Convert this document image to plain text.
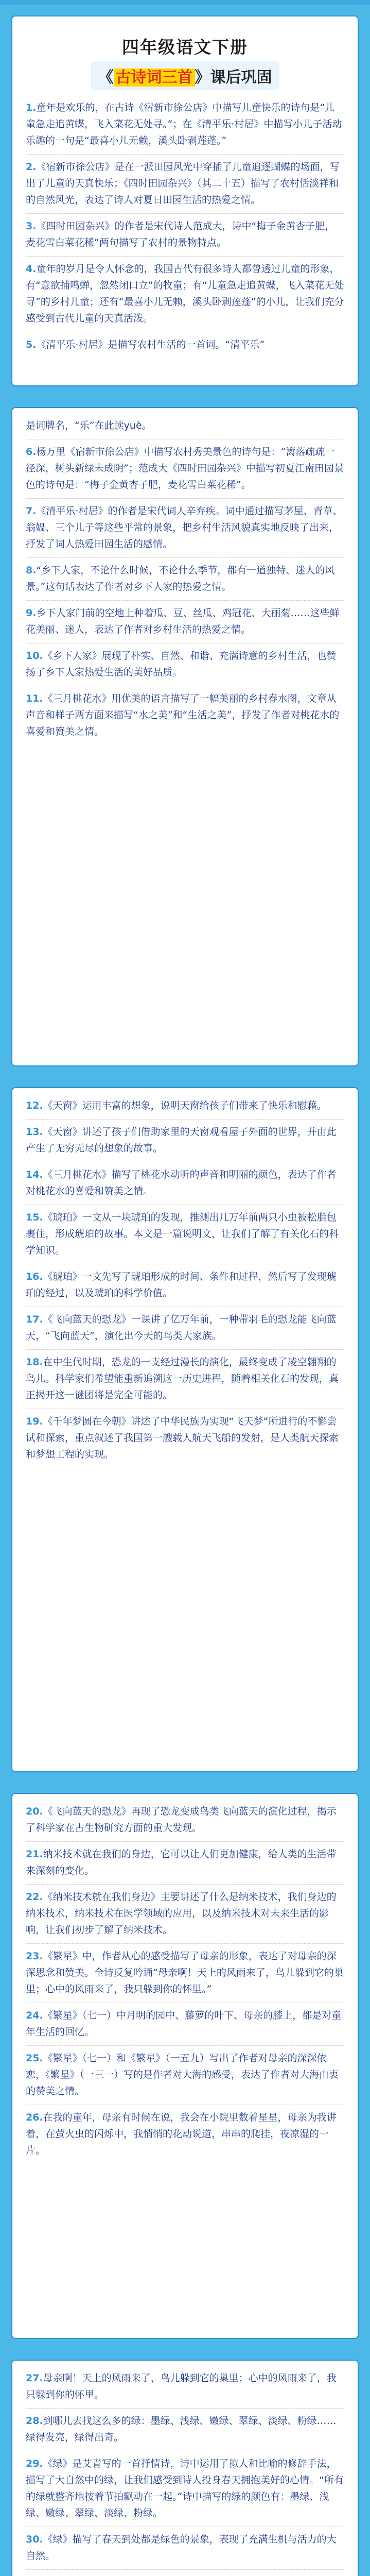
四年级语文下册
《 古诗词三首 》课后巩固
1.童年是欢乐的，在古诗《宿新市徐公店》中描写儿童快乐的诗句是“儿童急走追黄蝶，飞入菜花无处寻。”；在《清平乐·村居》中描写小儿子活动乐趣的一句是“最喜小儿无赖，溪头卧剥莲蓬。”
2.《宿新市徐公店》是在一派田园风光中穿插了儿童追逐蝴蝶的场面，写出了儿童的天真快乐；《四时田园杂兴》（其二十五）描写了农村恬淡祥和的自然风光，表达了诗人对夏日田园生活的热爱之情。
3.《四时田园杂兴》的作者是宋代诗人范成大，诗中“梅子金黄杏子肥，麦花雪白菜花稀”两句描写了农村的景物特点。
4.童年的岁月是令人怀念的，我国古代有很多诗人都曾透过儿童的形象，有“意欲捕鸣蝉，忽然闭口立”的牧童；有“儿童急走追黄蝶，飞入菜花无处寻”的乡村儿童；还有“最喜小儿无赖，溪头卧剥莲蓬”的小儿，让我们充分感受到古代儿童的天真活泼。
5.《清平乐·村居》是描写农村生活的一首词。“清平乐”
是词牌名，“乐”在此读yuè。
6.杨万里《宿新市徐公店》中描写农村秀美景色的诗句是：“篱落疏疏一径深，树头新绿未成阴”；范成大《四时田园杂兴》中描写初夏江南田园景色的诗句是：“梅子金黄杏子肥，麦花雪白菜花稀”。
7.《清平乐·村居》的作者是宋代词人辛弃疾。词中通过描写茅屋、青草、翁媪、三个儿子等这些平常的景象，把乡村生活风貌真实地反映了出来，抒发了词人热爱田园生活的感情。
8.“乡下人家，不论什么时候，不论什么季节，都有一道独特、迷人的风景。”这句话表达了作者对乡下人家的热爱之情。
9.乡下人家门前的空地上种着瓜、豆、丝瓜、鸡冠花、大丽菊……这些鲜花美丽、迷人，表达了作者对乡村生活的热爱之情。
10.《乡下人家》展现了朴实、自然、和谐、充满诗意的乡村生活，也赞扬了乡下人家热爱生活的美好品质。
11.《三月桃花水》用优美的语言描写了一幅美丽的乡村春水图，文章从声音和样子两方面来描写“水之美”和“生活之美”，抒发了作者对桃花水的喜爱和赞美之情。
12.《天窗》运用丰富的想象，说明天窗给孩子们带来了快乐和慰藉。
13.《天窗》讲述了孩子们借助家里的天窗观看屋子外面的世界，并由此产生了无穷无尽的想象的故事。
14.《三月桃花水》描写了桃花水动听的声音和明丽的颜色，表达了作者对桃花水的喜爱和赞美之情。
15.《琥珀》一文从一块琥珀的发现，推测出几万年前两只小虫被松脂包裹住，形成琥珀的故事。本文是一篇说明文，让我们了解了有关化石的科学知识。
16.《琥珀》一文先写了琥珀形成的时间、条件和过程，然后写了发现琥珀的经过，以及琥珀的科学价值。
17.《飞向蓝天的恐龙》一课讲了亿万年前，一种带羽毛的恐龙能飞向蓝天，“飞向蓝天”，演化出今天的鸟类大家族。
18.在中生代时期，恐龙的一支经过漫长的演化，最终变成了凌空翱翔的鸟儿。科学家们希望能重新追溯这一历史进程，随着相关化石的发现，真正揭开这一谜团将是完全可能的。
19.《千年梦圆在今朝》讲述了中华民族为实现“飞天梦”所进行的不懈尝试和探索，重点叙述了我国第一艘载人航天飞船的发射，是人类航天探索和梦想工程的实现。
20.《飞向蓝天的恐龙》再现了恐龙变成鸟类飞向蓝天的演化过程，揭示了科学家在古生物研究方面的重大发现。
21.纳米技术就在我们的身边，它可以让人们更加健康，给人类的生活带来深刻的变化。
22.《纳米技术就在我们身边》主要讲述了什么是纳米技术，我们身边的纳米技术，纳米技术在医学领域的应用，以及纳米技术对未来生活的影响，让我们初步了解了纳米技术。
23.《繁星》中，作者从心的感受描写了母亲的形象，表达了对母亲的深深思念和赞美。全诗反复吟诵“母亲啊！天上的风雨来了，鸟儿躲到它的巢里；心中的风雨来了，我只躲到你的怀里。”
24.《繁星》（七一）中月明的园中、藤萝的叶下、母亲的膝上，都是对童年生活的回忆。
25.《繁星》（七一）和《繁星》（一五九）写出了作者对母亲的深深依恋，《繁星》（一三一）写的是作者对大海的感受，表达了作者对大海由衷的赞美之情。
26.在我的童年，母亲有时候在说，我会在小院里数着星星，母亲为我讲着，在萤火虫的闪烁中，我悄悄的花动说道，串串的爬挂，夜凉湿的一片。
27.母亲啊！天上的风雨来了，鸟儿躲到它的巢里；心中的风雨来了，我只躲到你的怀里。
28.到哪儿去找这么多的绿：墨绿、浅绿、嫩绿、翠绿、淡绿、粉绿……绿得发亮，绿得出奇。
29.《绿》是艾青写的一首抒情诗，诗中运用了拟人和比喻的修辞手法，描写了大自然中的绿，让我们感受到诗人投身春天拥抱美好的心情。“所有的绿就整齐地按着节拍飘动在一起。”诗中描写的绿的颜色有：墨绿、浅绿、嫩绿、翠绿、淡绿、粉绿。
30.《绿》描写了春天到处都是绿色的景象，表现了充满生机与活力的大自然。
